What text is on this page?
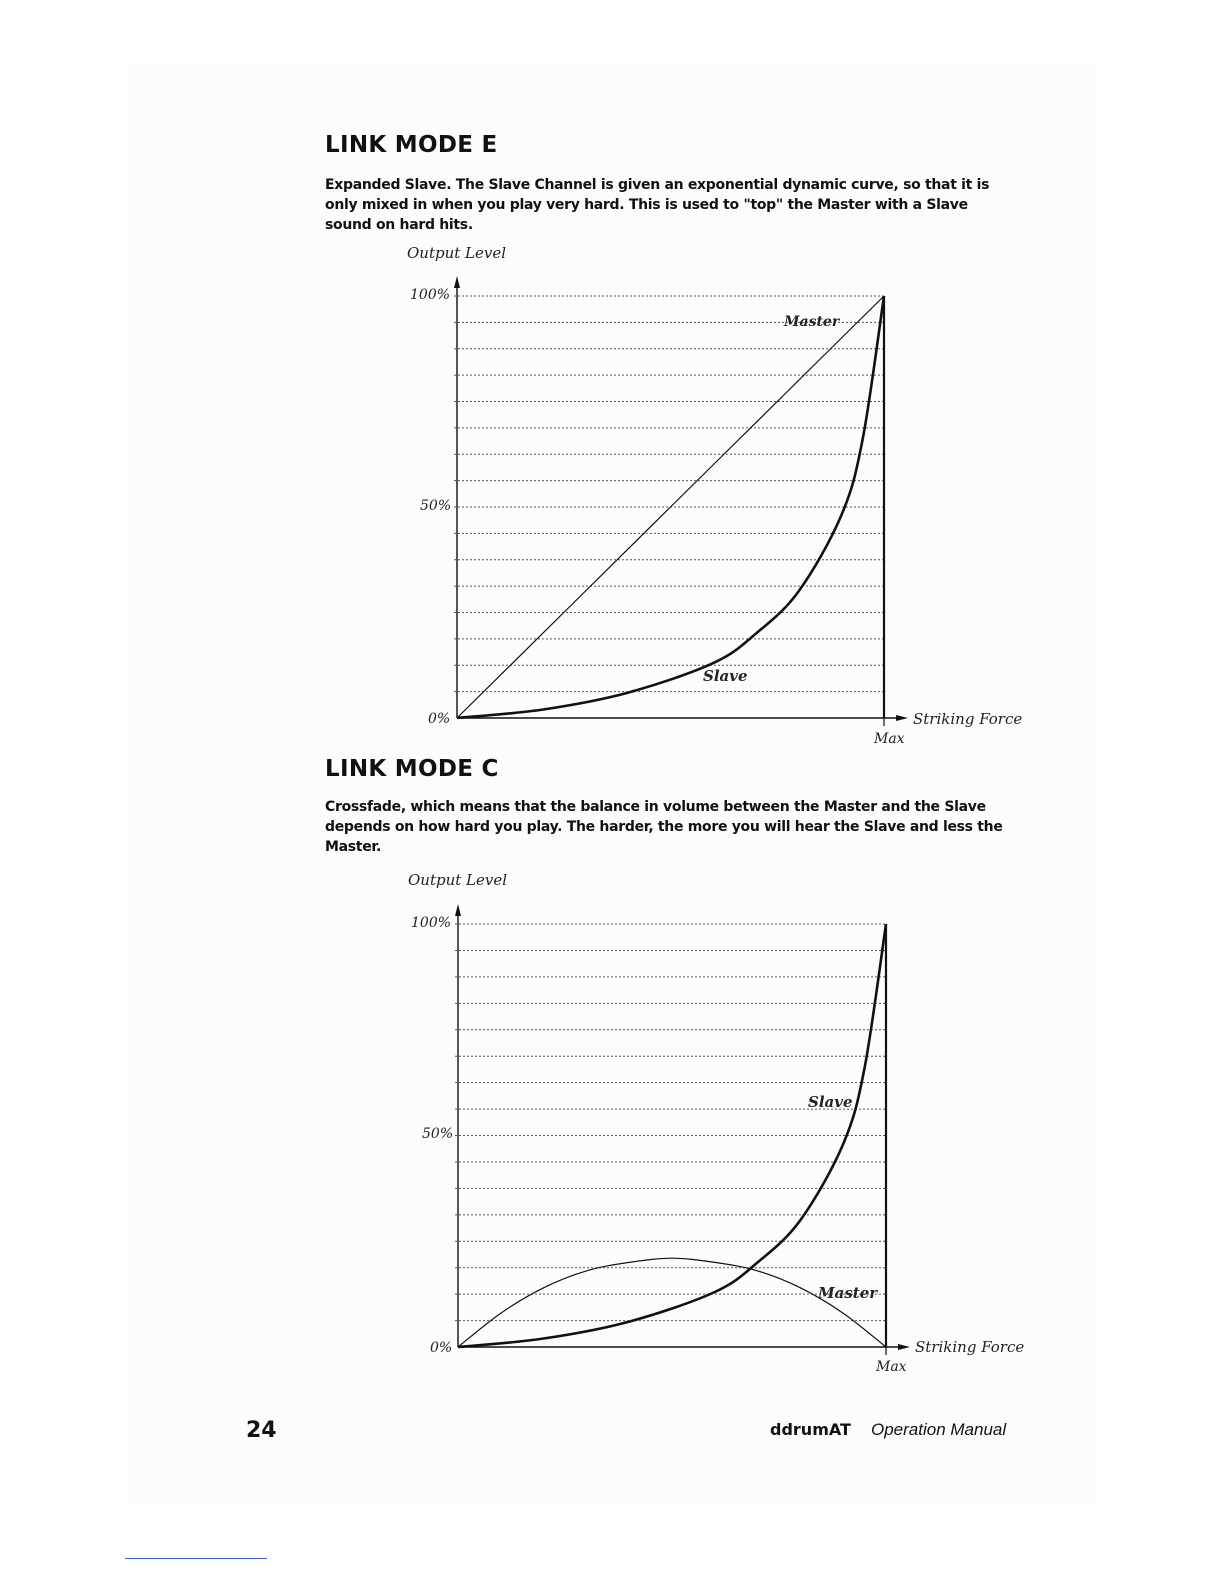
LINK MODE E

Expanded Slave. The Slave Channel is given an exponential dynamic curve, so that it is only mixed in when you play very hard. This is used to "top" the Master with a Slave sound on hard hits.

Output Level
100%
50%
0%
Max
Striking Force
Master
Slave
LINK MODE C

Crossfade, which means that the balance in volume between the Master and the Slave depends on how hard you play. The harder, the more you will hear the Slave and less the Master.

Output Level
100%
50%
0%
Max
Striking Force
Slave
Master

24	ddrumAT Operation Manual
